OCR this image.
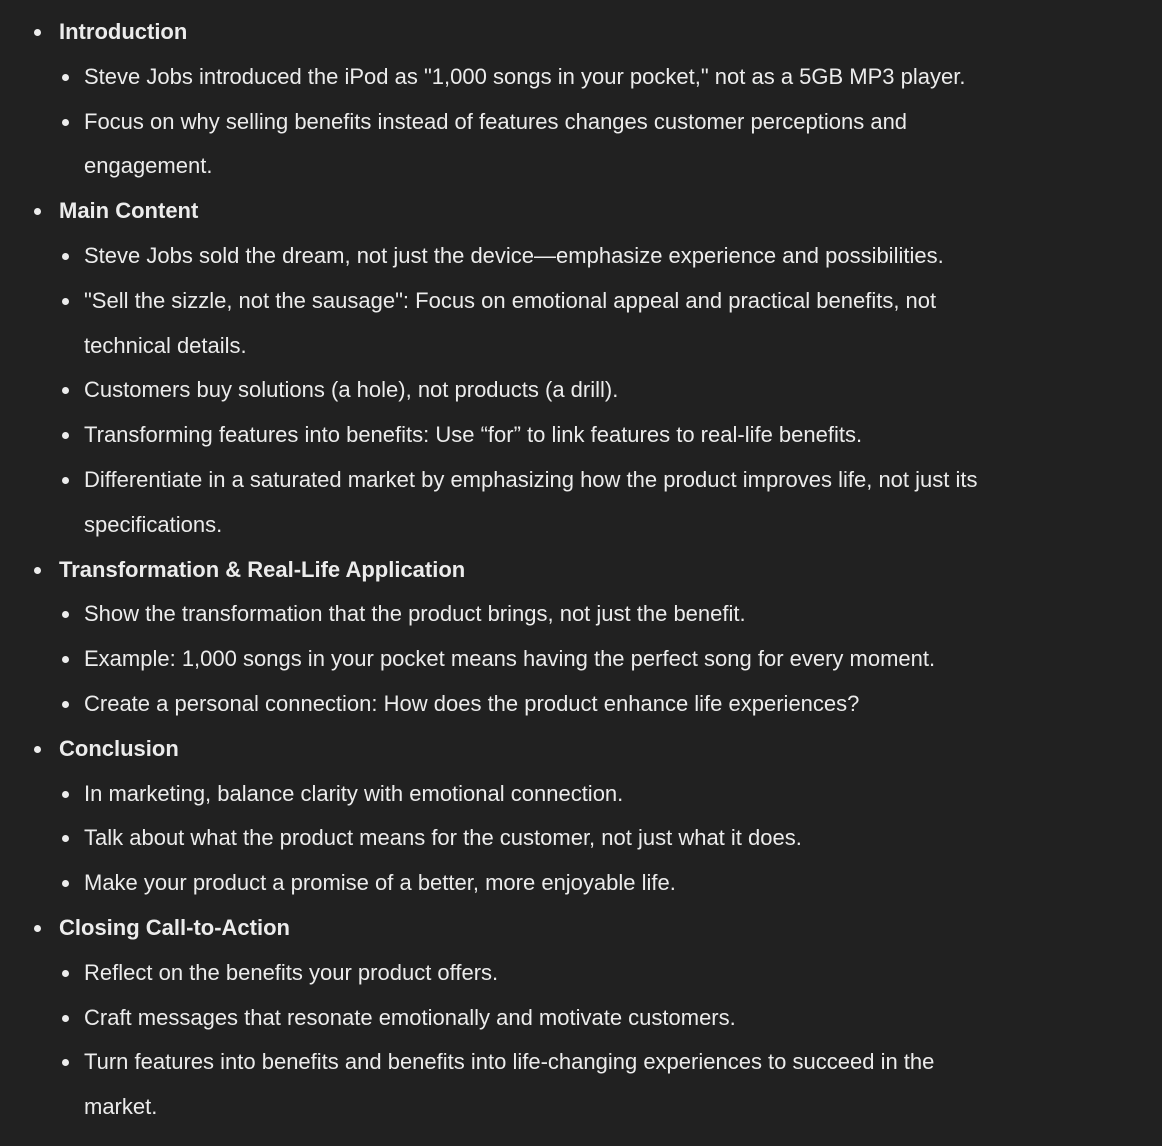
Introduction
Steve Jobs introduced the iPod as "1,000 songs in your pocket," not as a 5GB MP3 player.
Focus on why selling benefits instead of features changes customer perceptions and engagement.
Main Content
Steve Jobs sold the dream, not just the device—emphasize experience and possibilities.
"Sell the sizzle, not the sausage": Focus on emotional appeal and practical benefits, not technical details.
Customers buy solutions (a hole), not products (a drill).
Transforming features into benefits: Use “for” to link features to real-life benefits.
Differentiate in a saturated market by emphasizing how the product improves life, not just its specifications.
Transformation & Real-Life Application
Show the transformation that the product brings, not just the benefit.
Example: 1,000 songs in your pocket means having the perfect song for every moment.
Create a personal connection: How does the product enhance life experiences?
Conclusion
In marketing, balance clarity with emotional connection.
Talk about what the product means for the customer, not just what it does.
Make your product a promise of a better, more enjoyable life.
Closing Call-to-Action
Reflect on the benefits your product offers.
Craft messages that resonate emotionally and motivate customers.
Turn features into benefits and benefits into life-changing experiences to succeed in the market.
